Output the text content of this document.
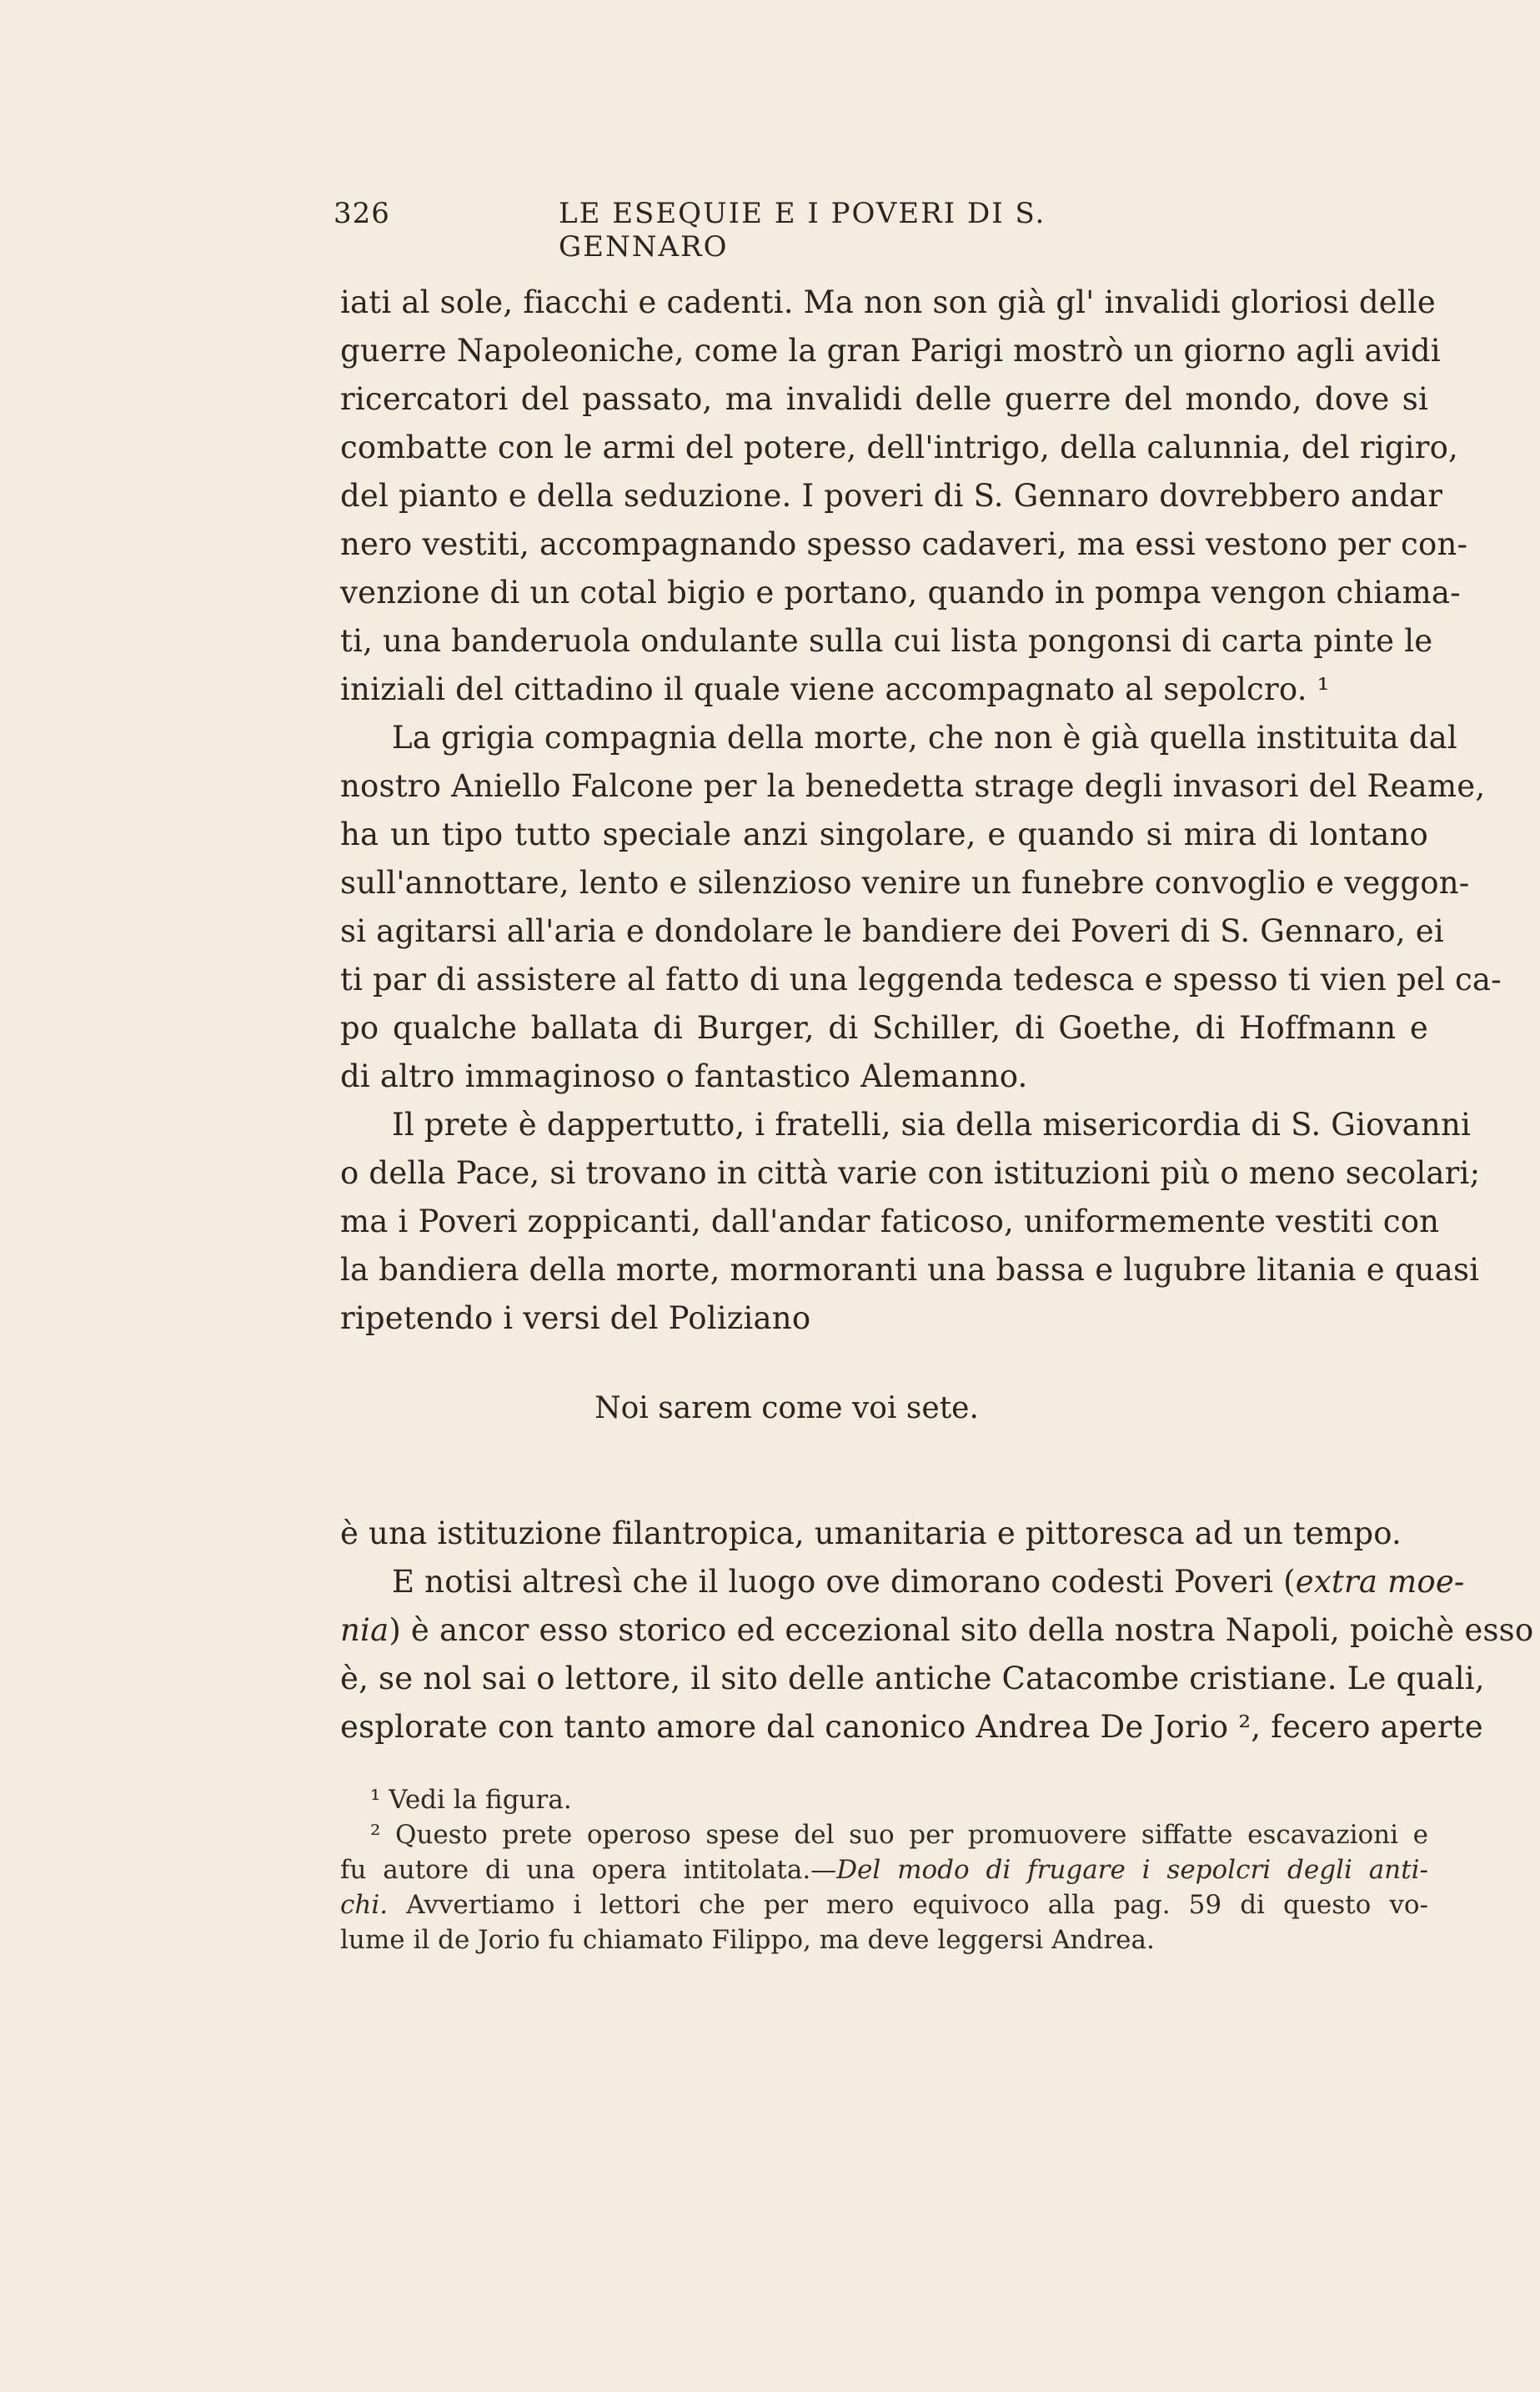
326	LE ESEQUIE E I POVERI DI S. GENNARO
iati al sole, fiacchi e cadenti. Ma non son già gl' invalidi gloriosi delle
guerre Napoleoniche, come la gran Parigi mostrò un giorno agli avidi
ricercatori del passato, ma invalidi delle guerre del mondo, dove si
combatte con le armi del potere, dell'intrigo, della calunnia, del rigiro,
del pianto e della seduzione. I poveri di S. Gennaro dovrebbero andar
nero vestiti, accompagnando spesso cadaveri, ma essi vestono per con-
venzione di un cotal bigio e portano, quando in pompa vengon chiama-
ti, una banderuola ondulante sulla cui lista pongonsi di carta pinte le
iniziali del cittadino il quale viene accompagnato al sepolcro. ¹
La grigia compagnia della morte, che non è già quella instituita dal
nostro Aniello Falcone per la benedetta strage degli invasori del Reame,
ha un tipo tutto speciale anzi singolare, e quando si mira di lontano
sull'annottare, lento e silenzioso venire un funebre convoglio e veggon-
si agitarsi all'aria e dondolare le bandiere dei Poveri di S. Gennaro, ei
ti par di assistere al fatto di una leggenda tedesca e spesso ti vien pel ca-
po qualche ballata di Burger, di Schiller, di Goethe, di Hoffmann e
di altro immaginoso o fantastico Alemanno.
Il prete è dappertutto, i fratelli, sia della misericordia di S. Giovanni
o della Pace, si trovano in città varie con istituzioni più o meno secolari;
ma i Poveri zoppicanti, dall'andar faticoso, uniformemente vestiti con
la bandiera della morte, mormoranti una bassa e lugubre litania e quasi
ripetendo i versi del Poliziano
Noi sarem come voi sete.
è una istituzione filantropica, umanitaria e pittoresca ad un tempo.
E notisi altresì che il luogo ove dimorano codesti Poveri (extra moe-
nia) è ancor esso storico ed eccezional sito della nostra Napoli, poichè esso
è, se nol sai o lettore, il sito delle antiche Catacombe cristiane. Le quali,
esplorate con tanto amore dal canonico Andrea De Jorio ², fecero aperte
¹ Vedi la figura.
² Questo prete operoso spese del suo per promuovere siffatte escavazioni e
fu autore di una opera intitolata.—Del modo di frugare i sepolcri degli anti-
chi. Avvertiamo i lettori che per mero equivoco alla pag. 59 di questo vo-
lume il de Jorio fu chiamato Filippo, ma deve leggersi Andrea.
